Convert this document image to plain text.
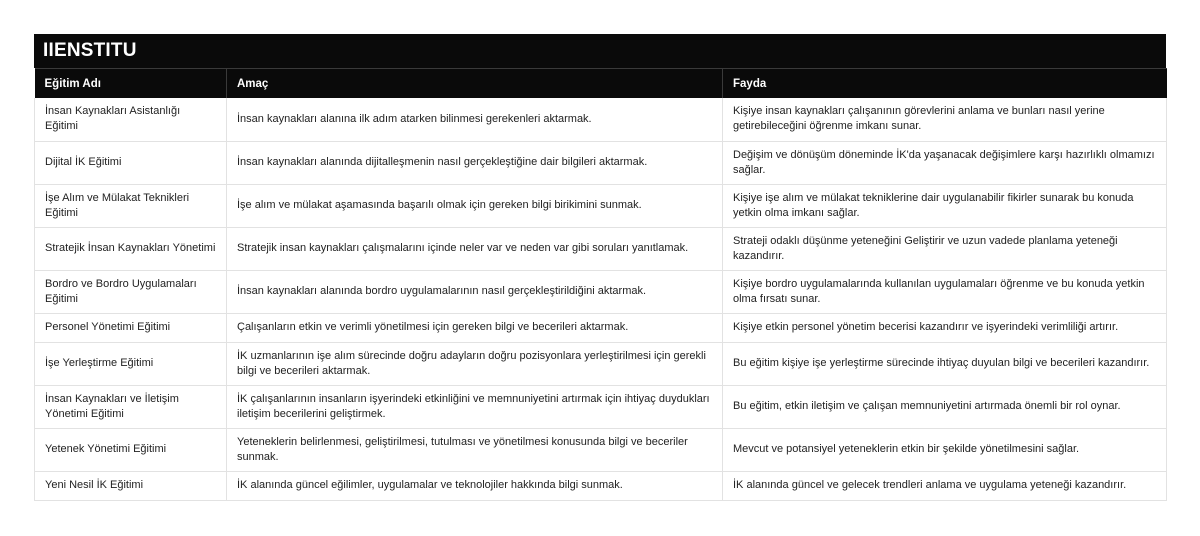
IIENSTITU
Eğitim Adı	Amaç	Fayda
İnsan Kaynakları Asistanlığı Eğitimi	İnsan kaynakları alanına ilk adım atarken bilinmesi gerekenleri aktarmak.	Kişiye insan kaynakları çalışanının görevlerini anlama ve bunları nasıl yerine getirebileceğini öğrenme imkanı sunar.
Dijital İK Eğitimi	İnsan kaynakları alanında dijitalleşmenin nasıl gerçekleştiğine dair bilgileri aktarmak.	Değişim ve dönüşüm döneminde İK'da yaşanacak değişimlere karşı hazırlıklı olmamızı sağlar.
İşe Alım ve Mülakat Teknikleri Eğitimi	İşe alım ve mülakat aşamasında başarılı olmak için gereken bilgi birikimini sunmak.	Kişiye işe alım ve mülakat tekniklerine dair uygulanabilir fikirler sunarak bu konuda yetkin olma imkanı sağlar.
Stratejik İnsan Kaynakları Yönetimi	Stratejik insan kaynakları çalışmalarını içinde neler var ve neden var gibi soruları yanıtlamak.	Strateji odaklı düşünme yeteneğini Geliştirir ve uzun vadede planlama yeteneği kazandırır.
Bordro ve Bordro Uygulamaları Eğitimi	İnsan kaynakları alanında bordro uygulamalarının nasıl gerçekleştirildiğini aktarmak.	Kişiye bordro uygulamalarında kullanılan uygulamaları öğrenme ve bu konuda yetkin olma fırsatı sunar.
Personel Yönetimi Eğitimi	Çalışanların etkin ve verimli yönetilmesi için gereken bilgi ve becerileri aktarmak.	Kişiye etkin personel yönetim becerisi kazandırır ve işyerindeki verimliliği artırır.
İşe Yerleştirme Eğitimi	İK uzmanlarının işe alım sürecinde doğru adayların doğru pozisyonlara yerleştirilmesi için gerekli bilgi ve becerileri aktarmak.	Bu eğitim kişiye işe yerleştirme sürecinde ihtiyaç duyulan bilgi ve becerileri kazandırır.
İnsan Kaynakları ve İletişim Yönetimi Eğitimi	İK çalışanlarının insanların işyerindeki etkinliğini ve memnuniyetini artırmak için ihtiyaç duydukları iletişim becerilerini geliştirmek.	Bu eğitim, etkin iletişim ve çalışan memnuniyetini artırmada önemli bir rol oynar.
Yetenek Yönetimi Eğitimi	Yeteneklerin belirlenmesi, geliştirilmesi, tutulması ve yönetilmesi konusunda bilgi ve beceriler sunmak.	Mevcut ve potansiyel yeteneklerin etkin bir şekilde yönetilmesini sağlar.
Yeni Nesil İK Eğitimi	İK alanında güncel eğilimler, uygulamalar ve teknolojiler hakkında bilgi sunmak.	İK alanında güncel ve gelecek trendleri anlama ve uygulama yeteneği kazandırır.
